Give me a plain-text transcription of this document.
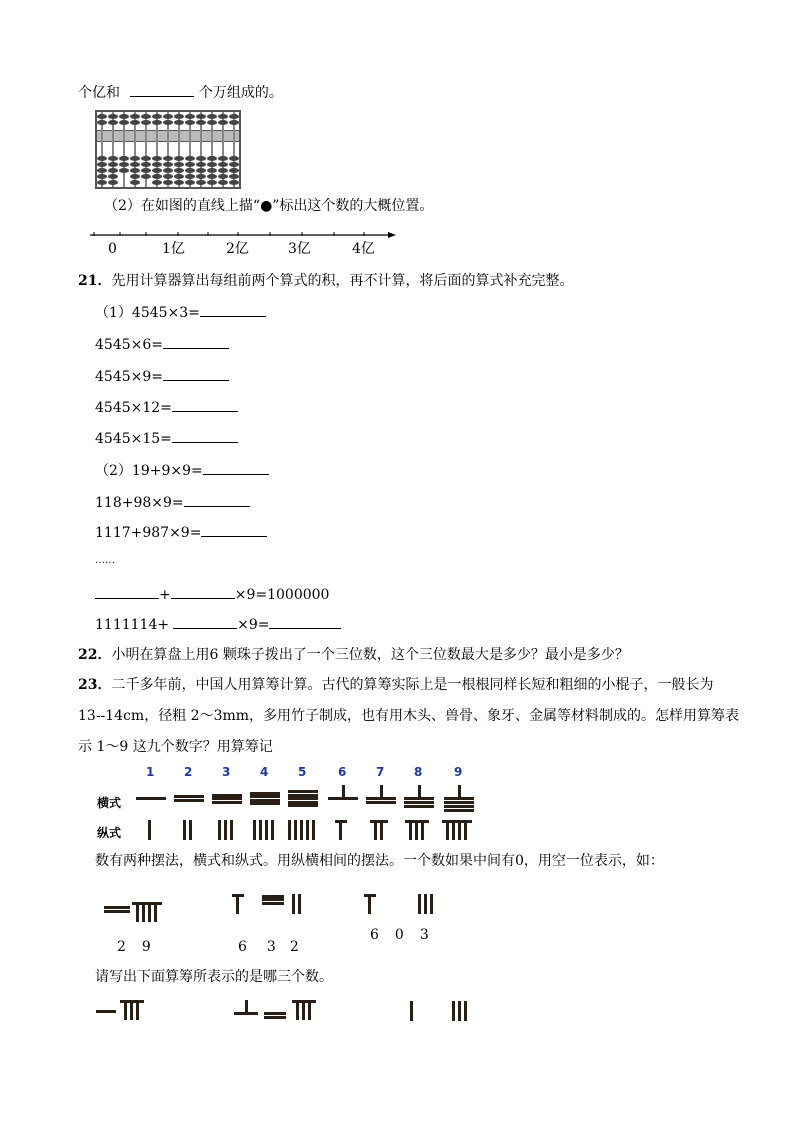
个亿和	个万组成的。
（2）在如图的直线上描“●”标出这个数的大概位置。
0	1亿	2亿	3亿	4亿
21．先用计算器算出每组前两个算式的积，再不计算，将后面的算式补充完整。
（1）4545×3=
4545×6=
4545×9=
4545×12=
4545×15=
（2）19+9×9=
118+98×9=
1117+987×9=
……
+	×9=1000000
1111114+	×9=
22．小明在算盘上用6 颗珠子拨出了一个三位数，这个三位数最大是多少？最小是多少？
23．二千多年前，中国人用算筹计算。古代的算筹实际上是一根根同样长短和粗细的小棍子，一般长为
13--14cm，径粗 2～3mm，多用竹子制成，也有用木头、兽骨、象牙、金属等材料制成的。怎样用算筹表
示 1～9 这九个数字？用算筹记
1 2 3 4 5	6 7 8	9
横式
纵式
数有两种摆法，横式和纵式。用纵横相间的摆法。一个数如果中间有0，用空一位表示，如：
2 9	6 3 2
6 0 3
请写出下面算筹所表示的是哪三个数。
